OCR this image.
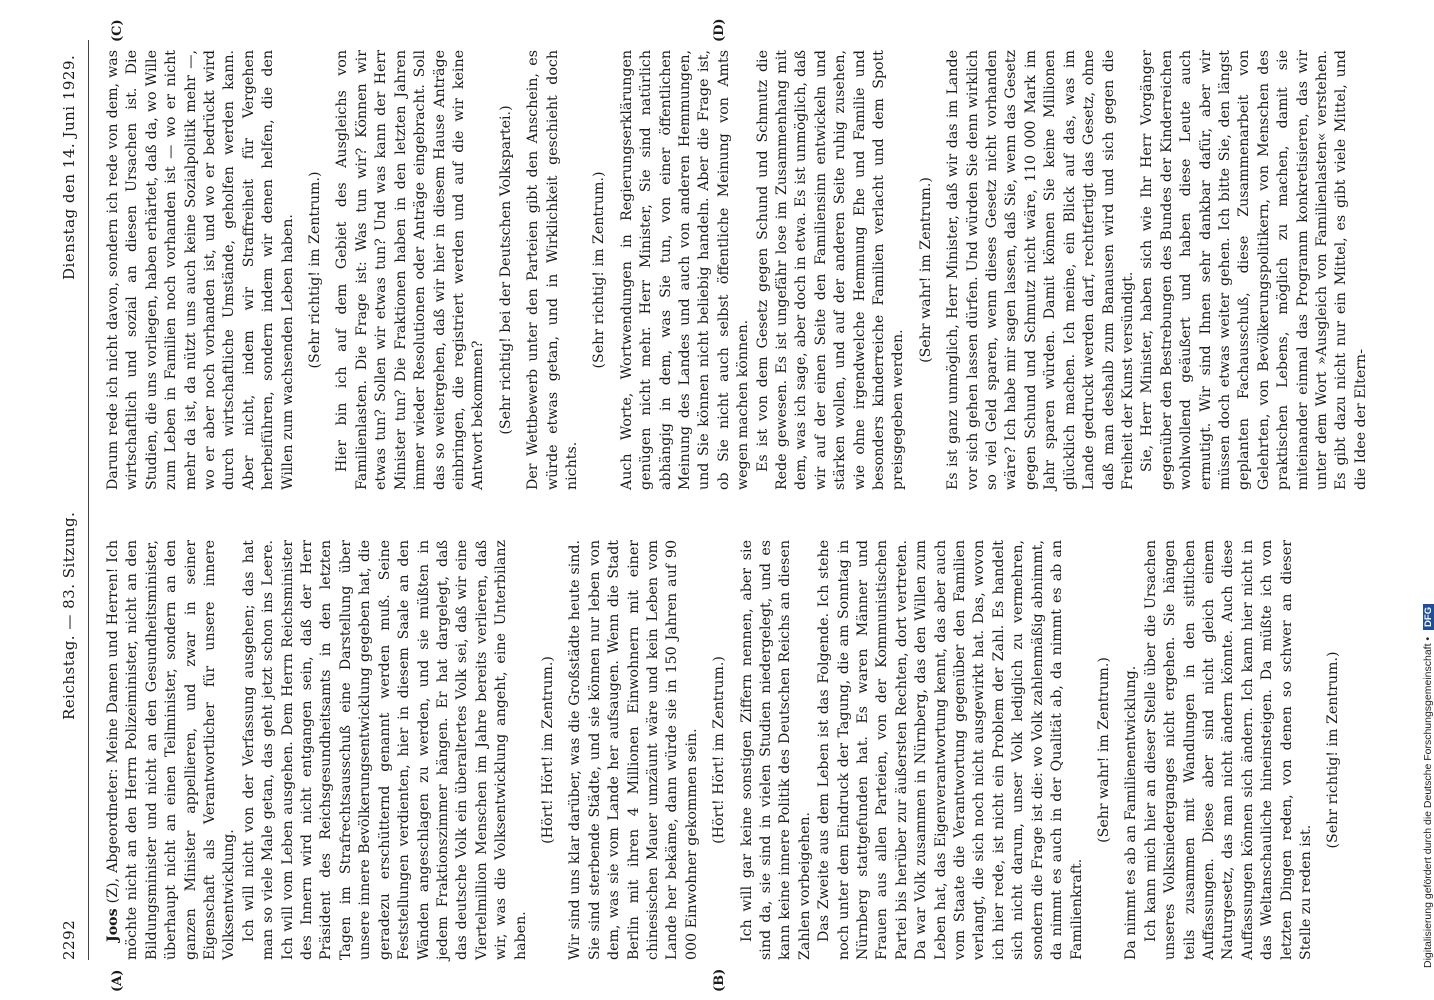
2292
Reichstag. — 83. Sitzung.
Dienstag den 14. Juni 1929.
(A)	(B)
(C)	(D)

Joos (Z), Abgeordneter: Meine Damen und Herren! Ich möchte nicht an den Herrn Polizeiminister, nicht an den Bildungsminister und nicht an den Gesundheitsminister, überhaupt nicht an einen Teilminister, sondern an den ganzen Minister appellieren, und zwar in seiner Eigenschaft als Verantwortlicher für unsere innere Volksentwicklung. Ich will nicht von der Verfassung ausgehen; das hat man so viele Male getan, das geht jetzt schon ins Leere. Ich will vom Leben ausgehen. Dem Herrn Reichsminister des Innern wird nicht entgangen sein, daß der Herr Präsident des Reichsgesundheitsamts in den letzten Tagen im Strafrechtsausschuß eine Darstellung über unsere innere Bevölkerungsentwicklung gegeben hat, die geradezu erschütternd genannt werden muß. Seine Feststellungen verdienten, hier in diesem Saale an den Wänden angeschlagen zu werden, und sie müßten in jedem Fraktionszimmer hängen. Er hat dargelegt, daß das deutsche Volk ein überaltertes Volk sei, daß wir eine Viertelmillion Menschen im Jahre bereits verlieren, daß wir, was die Volksentwicklung angeht, eine Unterbilanz haben.

(Hört! Hört! im Zentrum.) Wir sind uns klar darüber, was die Großstädte heute sind. Sie sind sterbende Städte, und sie können nur leben von dem, was sie vom Lande her aufsaugen. Wenn die Stadt Berlin mit ihren 4 Millionen Einwohnern mit einer chinesischen Mauer umzäunt wäre und kein Leben vom Lande her bekäme, dann würde sie in 150 Jahren auf 90 000 Einwohner gekommen sein. (Hört! Hört! im Zentrum.) Ich will gar keine sonstigen Ziffern nennen, aber sie sind da, sie sind in vielen Studien niedergelegt, und es kann keine innere Politik des Deutschen Reichs an diesen Zahlen vorbeigehen. Das Zweite aus dem Leben ist das Folgende. Ich stehe noch unter dem Eindruck der Tagung, die am Sonntag in Nürnberg stattgefunden hat. Es waren Männer und Frauen aus allen Parteien, von der Kommunistischen Partei bis herüber zur äußersten Rechten, dort vertreten. Da war Volk zusammen in Nürnberg, das den Willen zum Leben hat, das Eigenverantwortung kennt, das aber auch vom Staate die Verantwortung gegenüber den Familien verlangt, die sich noch nicht ausgewirkt hat. Das, wovon ich hier rede, ist nicht ein Problem der Zahl. Es handelt sich nicht darum, unser Volk lediglich zu vermehren, sondern die Frage ist die: wo Volk zahlenmäßig abnimmt, da nimmt es auch in der Qualität ab, da nimmt es ab an Familienkraft.

(Sehr wahr! im Zentrum.) Da nimmt es ab an Familienentwicklung. Ich kann mich hier an dieser Stelle über die Ursachen unseres Volksniederganges nicht ergehen. Sie hängen teils zusammen mit Wandlungen in den sittlichen Auffassungen. Diese aber sind nicht gleich einem Naturgesetz, das man nicht ändern könnte. Auch diese Auffassungen können sich ändern. Ich kann hier nicht in das Weltanschauliche hineinsteigen. Da müßte ich von letzten Dingen reden, von denen so schwer an dieser Stelle zu reden ist.

(Sehr richtig! im Zentrum.)

Darum rede ich nicht davon, sondern ich rede von dem, was wirtschaftlich und sozial an diesen Ursachen ist. Die Studien, die uns vorliegen, haben erhärtet, daß da, wo Wille zum Leben in Familien noch vorhanden ist — wo er nicht mehr da ist, da nützt uns auch keine Sozialpolitik mehr —, wo er aber noch vorhanden ist, und wo er bedrückt wird durch wirtschaftliche Umstände, geholfen werden kann. Aber nicht, indem wir Straffreiheit für Vergehen herbeiführen, sondern indem wir denen helfen, die den Willen zum wachsenden Leben haben. (Sehr richtig! im Zentrum.) Hier bin ich auf dem Gebiet des Ausgleichs von Familienlasten. Die Frage ist: Was tun wir? Können wir etwas tun? Sollen wir etwas tun? Und was kann der Herr Minister tun? Die Fraktionen haben in den letzten Jahren immer wieder Resolutionen oder Anträge eingebracht. Soll das so weitergehen, daß wir hier in diesem Hause Anträge einbringen, die registriert werden und auf die wir keine Antwort bekommen? (Sehr richtig! bei der Deutschen Volkspartei.) Der Wettbewerb unter den Parteien gibt den Anschein, es würde etwas getan, und in Wirklichkeit geschieht doch nichts.

(Sehr richtig! im Zentrum.) Auch Worte, Wortwendungen in Regierungserklärungen genügen nicht mehr. Herr Minister, Sie sind natürlich abhängig in dem, was Sie tun, von einer öffentlichen Meinung des Landes und auch von anderen Hemmungen, und Sie können nicht beliebig handeln. Aber die Frage ist, ob Sie nicht auch selbst öffentliche Meinung von Amts wegen machen können. Es ist von dem Gesetz gegen Schund und Schmutz die Rede gewesen. Es ist ungefähr lose im Zusammenhang mit dem, was ich sage, aber doch in etwa. Es ist unmöglich, daß wir auf der einen Seite den Familiensinn entwickeln und stärken wollen, und auf der anderen Seite ruhig zusehen, wie ohne irgendwelche Hemmung Ehe und Familie und besonders kinderreiche Familien verlacht und dem Spott preisgegeben werden.

(Sehr wahr! im Zentrum.) Es ist ganz unmöglich, Herr Minister, daß wir das im Lande vor sich gehen lassen dürfen. Und würden Sie denn wirklich so viel Geld sparen, wenn dieses Gesetz nicht vorhanden wäre? Ich habe mir sagen lassen, daß Sie, wenn das Gesetz gegen Schund und Schmutz nicht wäre, 110 000 Mark im Jahr sparen würden. Damit können Sie keine Millionen glücklich machen. Ich meine, ein Blick auf das, was im Lande gedruckt werden darf, rechtfertigt das Gesetz, ohne daß man deshalb zum Banausen wird und sich gegen die Freiheit der Kunst versündigt. Sie, Herr Minister, haben sich wie Ihr Herr Vorgänger gegenüber den Bestrebungen des Bundes der Kinderreichen wohlwollend geäußert und haben diese Leute auch ermutigt. Wir sind Ihnen sehr dankbar dafür, aber wir müssen doch etwas weiter gehen. Ich bitte Sie, den längst geplanten Fachausschuß, diese Zusammenarbeit von Gelehrten, von Bevölkerungspolitikern, von Menschen des praktischen Lebens, möglich zu machen, damit sie miteinander einmal das Programm konkretisieren, das wir unter dem Wort »Ausgleich von Familienlasten« verstehen. Es gibt dazu nicht nur ein Mittel, es gibt viele Mittel, und die Idee der Eltern-

Digitalisierung gefördert durch die Deutsche Forschungsgemeinschaft • DFG
